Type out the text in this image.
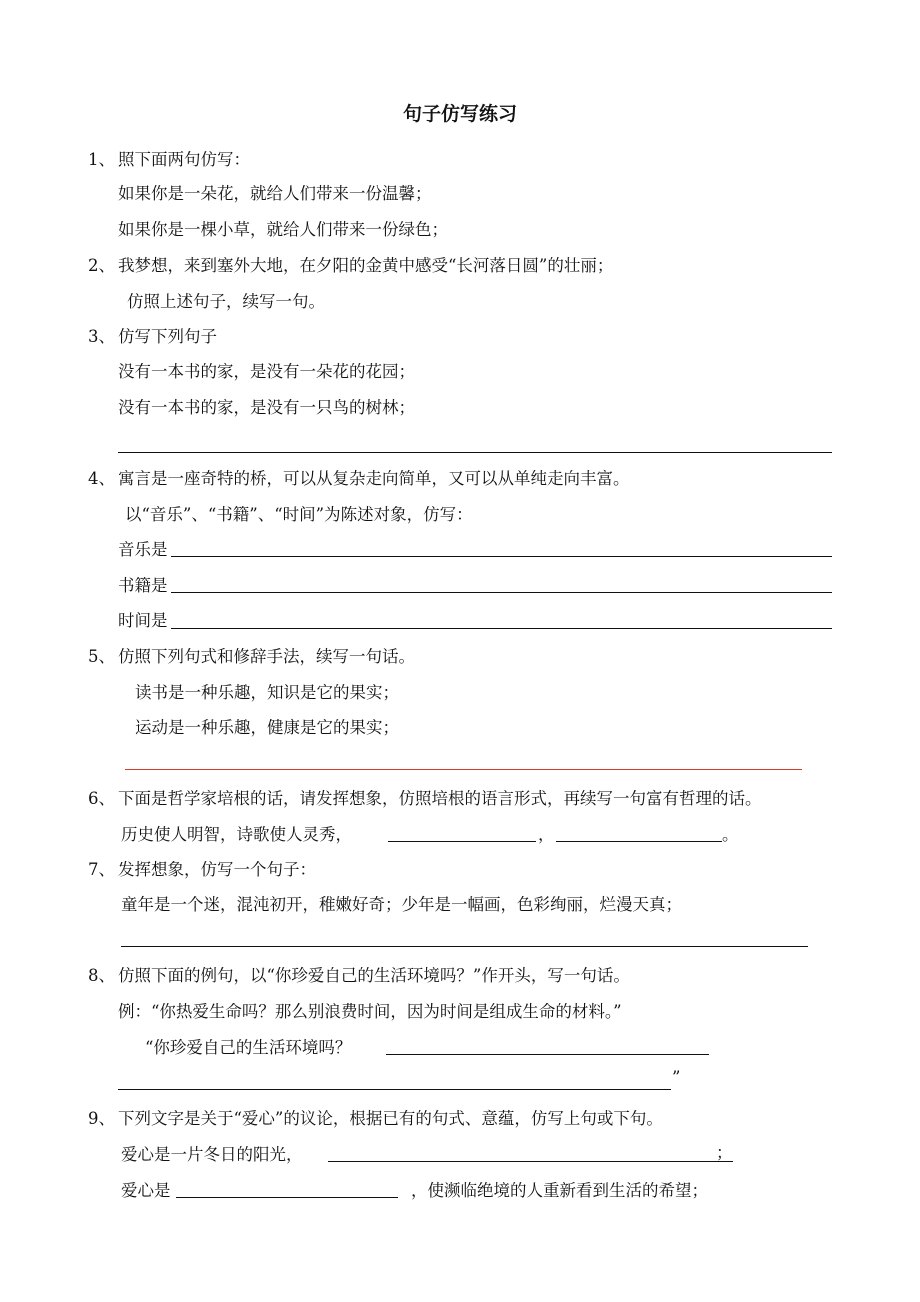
句子仿写练习
1、 照下面两句仿写：
如果你是一朵花，就给人们带来一份温馨；
如果你是一棵小草，就给人们带来一份绿色；
2、 我梦想，来到塞外大地，在夕阳的金黄中感受“长河落日圆”的壮丽；
仿照上述句子，续写一句。
3、 仿写下列句子
没有一本书的家，是没有一朵花的花园；
没有一本书的家，是没有一只鸟的树林；
4、 寓言是一座奇特的桥，可以从复杂走向简单，又可以从单纯走向丰富。
以“音乐”、“书籍”、“时间”为陈述对象，仿写：
音乐是
书籍是
时间是
5、 仿照下列句式和修辞手法，续写一句话。
读书是一种乐趣，知识是它的果实；
运动是一种乐趣，健康是它的果实；
6、 下面是哲学家培根的话，请发挥想象，仿照培根的语言形式，再续写一句富有哲理的话。
历史使人明智，诗歌使人灵秀，	，	。
7、 发挥想象，仿写一个句子：
童年是一个迷，混沌初开，稚嫩好奇；少年是一幅画，色彩绚丽，烂漫天真；
8、 仿照下面的例句，以“你珍爱自己的生活环境吗？”作开头，写一句话。
例：“你热爱生命吗？那么别浪费时间，因为时间是组成生命的材料。”
“你珍爱自己的生活环境吗？
”
9、 下列文字是关于“爱心”的议论，根据已有的句式、意蕴，仿写上句或下句。
爱心是一片冬日的阳光，	；
爱心是	，使濒临绝境的人重新看到生活的希望；
